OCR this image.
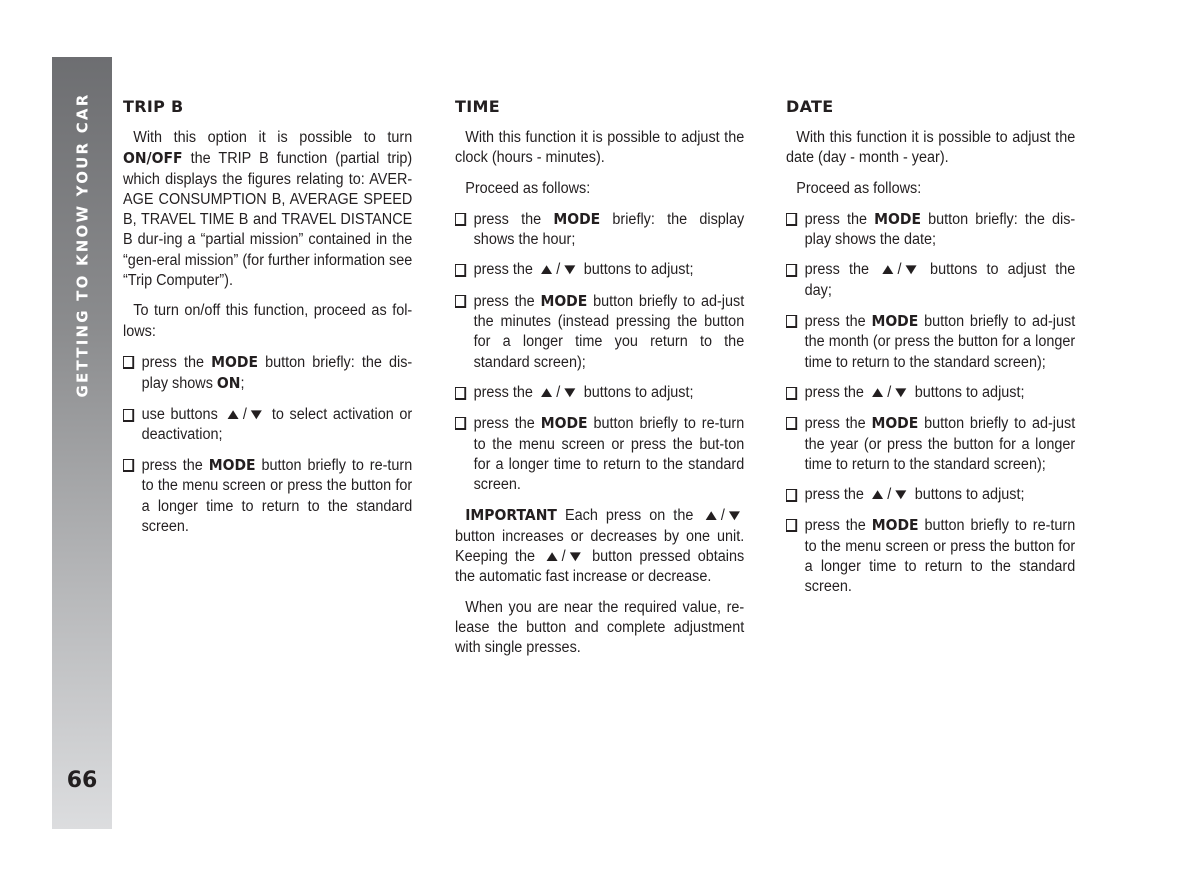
GETTING TO KNOW YOUR CAR
66
TRIP B

With this option it is possible to turn ON/OFF the TRIP B function (partial trip) which displays the figures relating to: AVER-AGE CONSUMPTION B, AVERAGE SPEED B, TRAVEL TIME B and TRAVEL DISTANCE B dur-ing a “partial mission” contained in the “gen-eral mission” (for further information see “Trip Computer”).

To turn on/off this function, proceed as fol-lows:

press the MODE button briefly: the dis-play shows ON;
use buttons ▲/▼ to select activation or deactivation;
press the MODE button briefly to re-turn to the menu screen or press the button for a longer time to return to the standard screen.
TIME

With this function it is possible to adjust the clock (hours - minutes).

Proceed as follows:

press the MODE briefly: the display shows the hour;
press the ▲/▼ buttons to adjust;
press the MODE button briefly to ad-just the minutes (instead pressing the button for a longer time you return to the standard screen);
press the ▲/▼ buttons to adjust;
press the MODE button briefly to re-turn to the menu screen or press the but-ton for a longer time to return to the standard screen.

IMPORTANT Each press on the ▲/▼ button increases or decreases by one unit. Keeping the ▲/▼ button pressed obtains the automatic fast increase or decrease.

When you are near the required value, re-lease the button and complete adjustment with single presses.

DATE

With this function it is possible to adjust the date (day - month - year).

Proceed as follows:

press the MODE button briefly: the dis-play shows the date;
press the ▲/▼ buttons to adjust the day;
press the MODE button briefly to ad-just the month (or press the button for a longer time to return to the standard screen);
press the ▲/▼ buttons to adjust;
press the MODE button briefly to ad-just the year (or press the button for a longer time to return to the standard screen);
press the ▲/▼ buttons to adjust;
press the MODE button briefly to re-turn to the menu screen or press the button for a longer time to return to the standard screen.
